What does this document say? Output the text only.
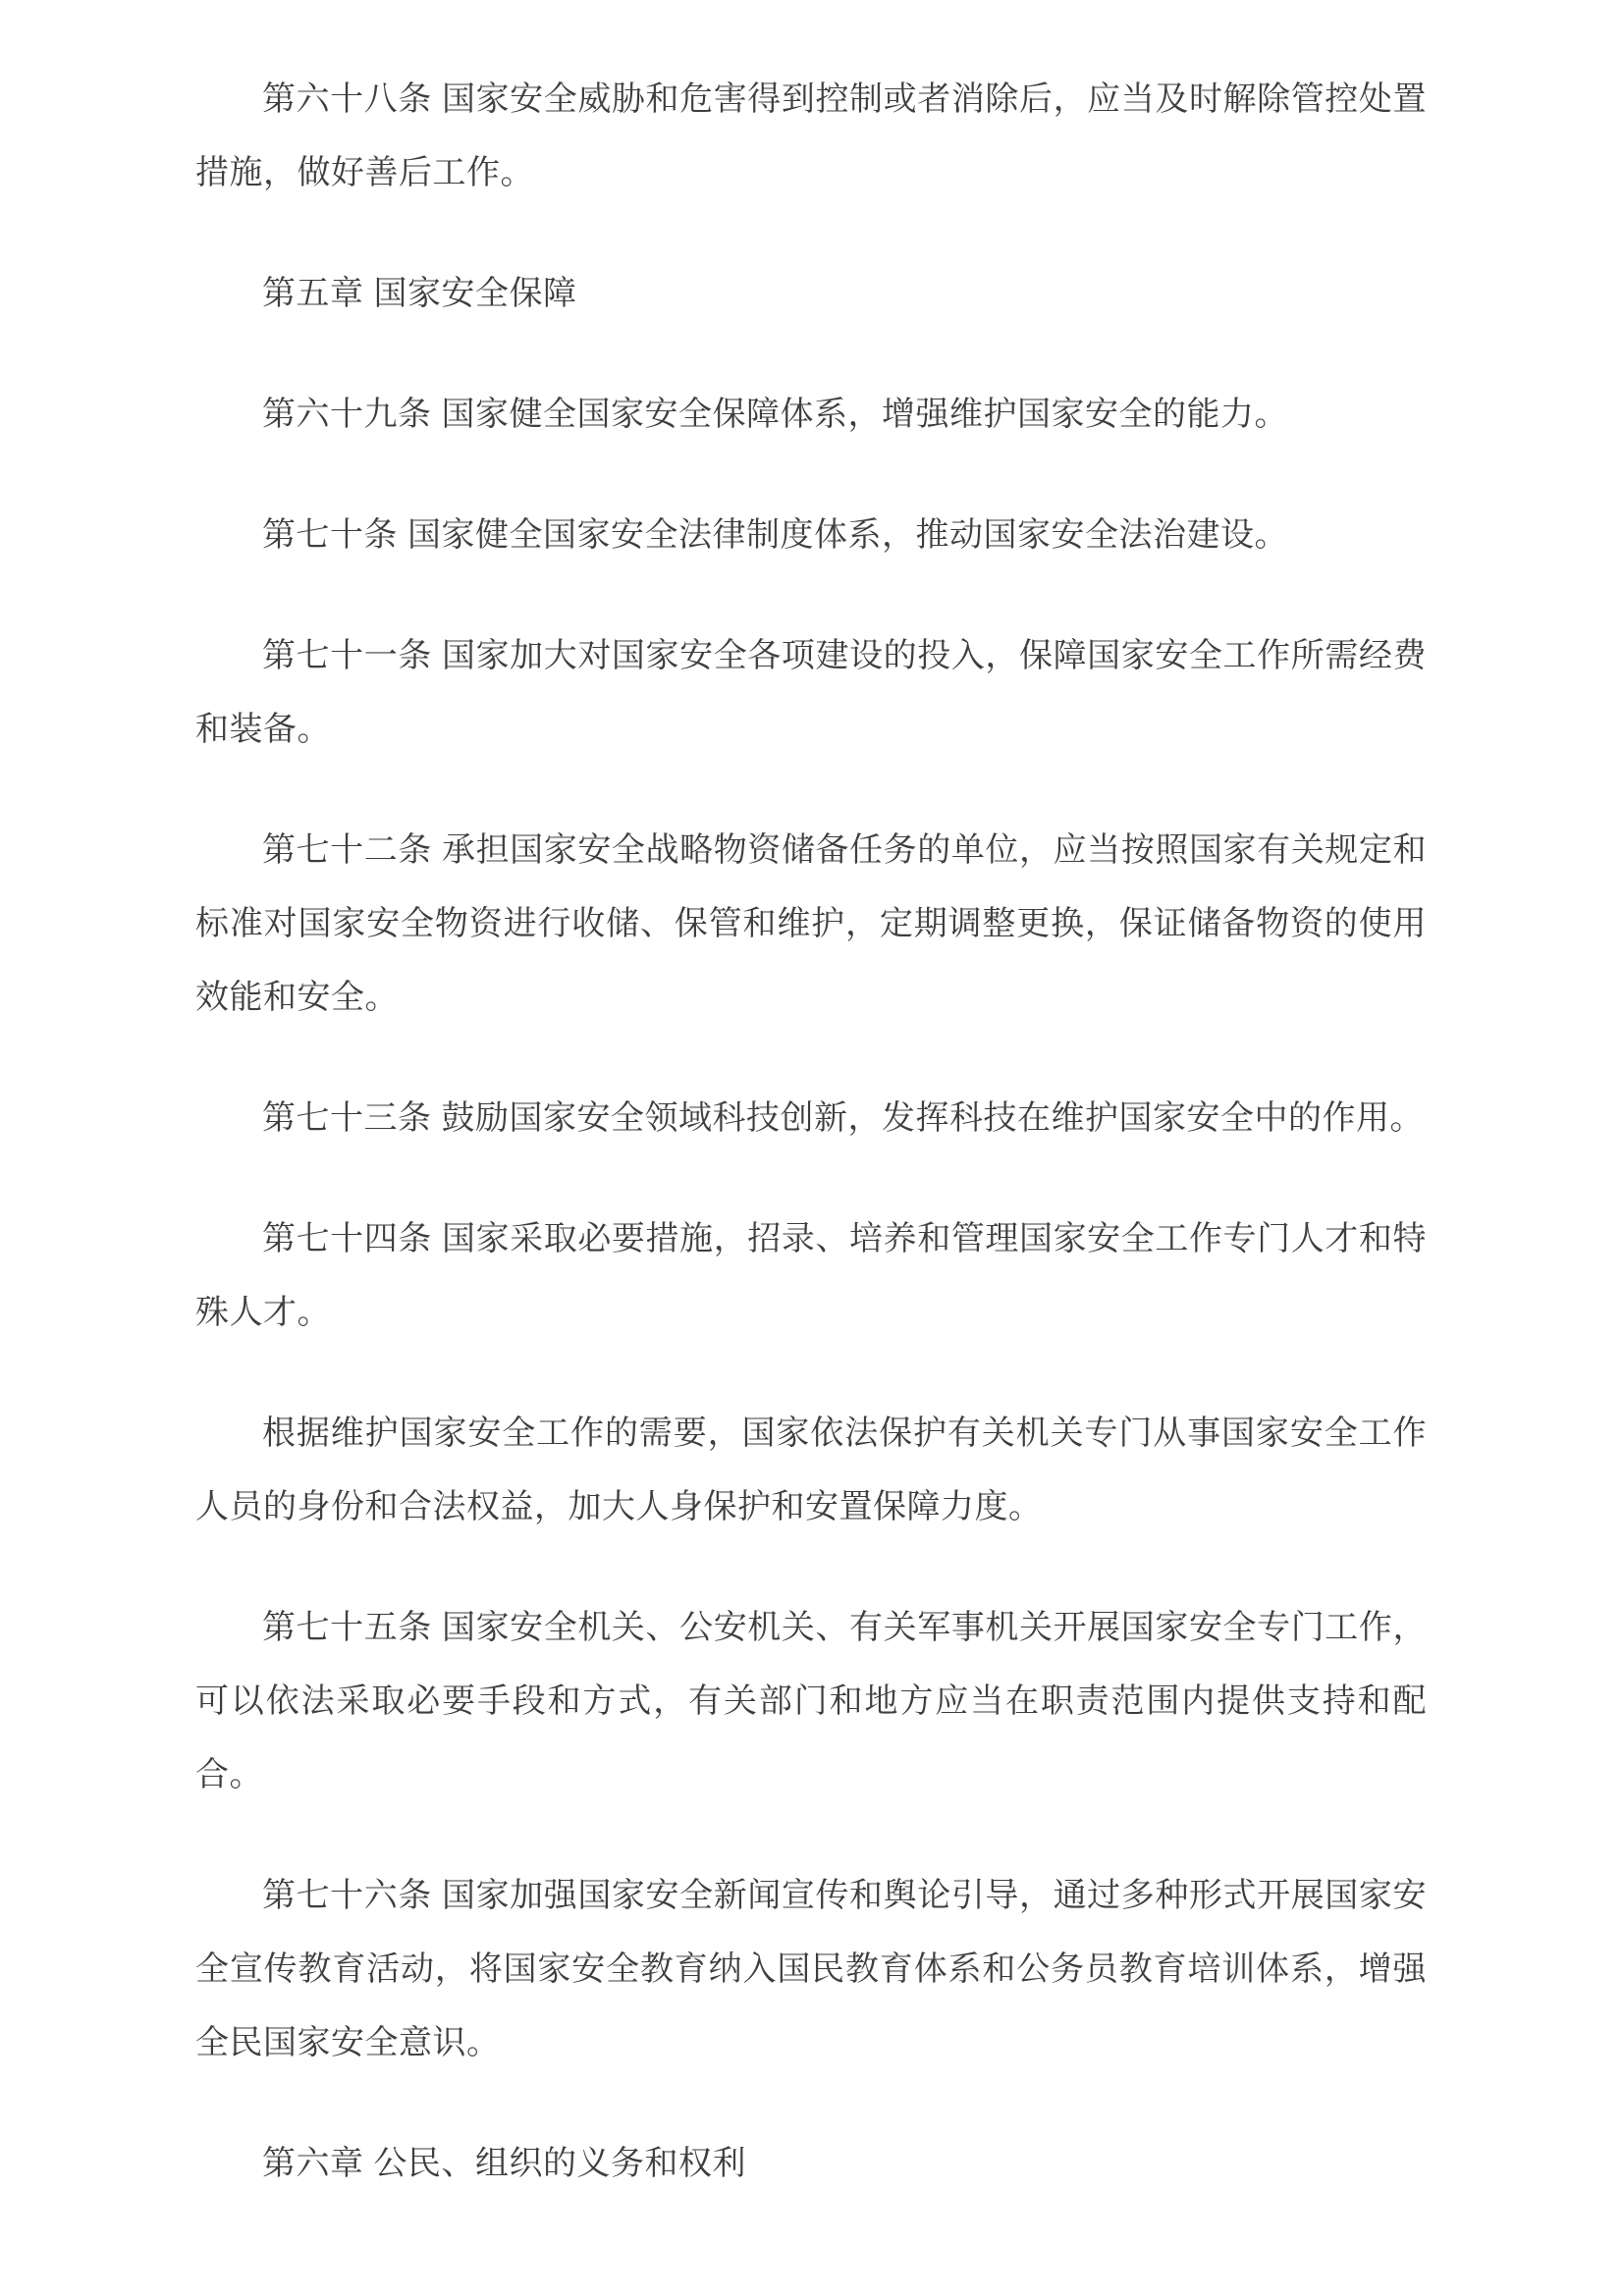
第六十八条 国家安全威胁和危害得到控制或者消除后，应当及时解除管控处置措施，做好善后工作。

第五章 国家安全保障

第六十九条 国家健全国家安全保障体系，增强维护国家安全的能力。

第七十条 国家健全国家安全法律制度体系，推动国家安全法治建设。

第七十一条 国家加大对国家安全各项建设的投入，保障国家安全工作所需经费和装备。

第七十二条 承担国家安全战略物资储备任务的单位，应当按照国家有关规定和标准对国家安全物资进行收储、保管和维护，定期调整更换，保证储备物资的使用效能和安全。

第七十三条 鼓励国家安全领域科技创新，发挥科技在维护国家安全中的作用。

第七十四条 国家采取必要措施，招录、培养和管理国家安全工作专门人才和特殊人才。

根据维护国家安全工作的需要，国家依法保护有关机关专门从事国家安全工作人员的身份和合法权益，加大人身保护和安置保障力度。

第七十五条 国家安全机关、公安机关、有关军事机关开展国家安全专门工作，可以依法采取必要手段和方式，有关部门和地方应当在职责范围内提供支持和配合。

第七十六条 国家加强国家安全新闻宣传和舆论引导，通过多种形式开展国家安全宣传教育活动，将国家安全教育纳入国民教育体系和公务员教育培训体系，增强全民国家安全意识。

第六章 公民、组织的义务和权利
